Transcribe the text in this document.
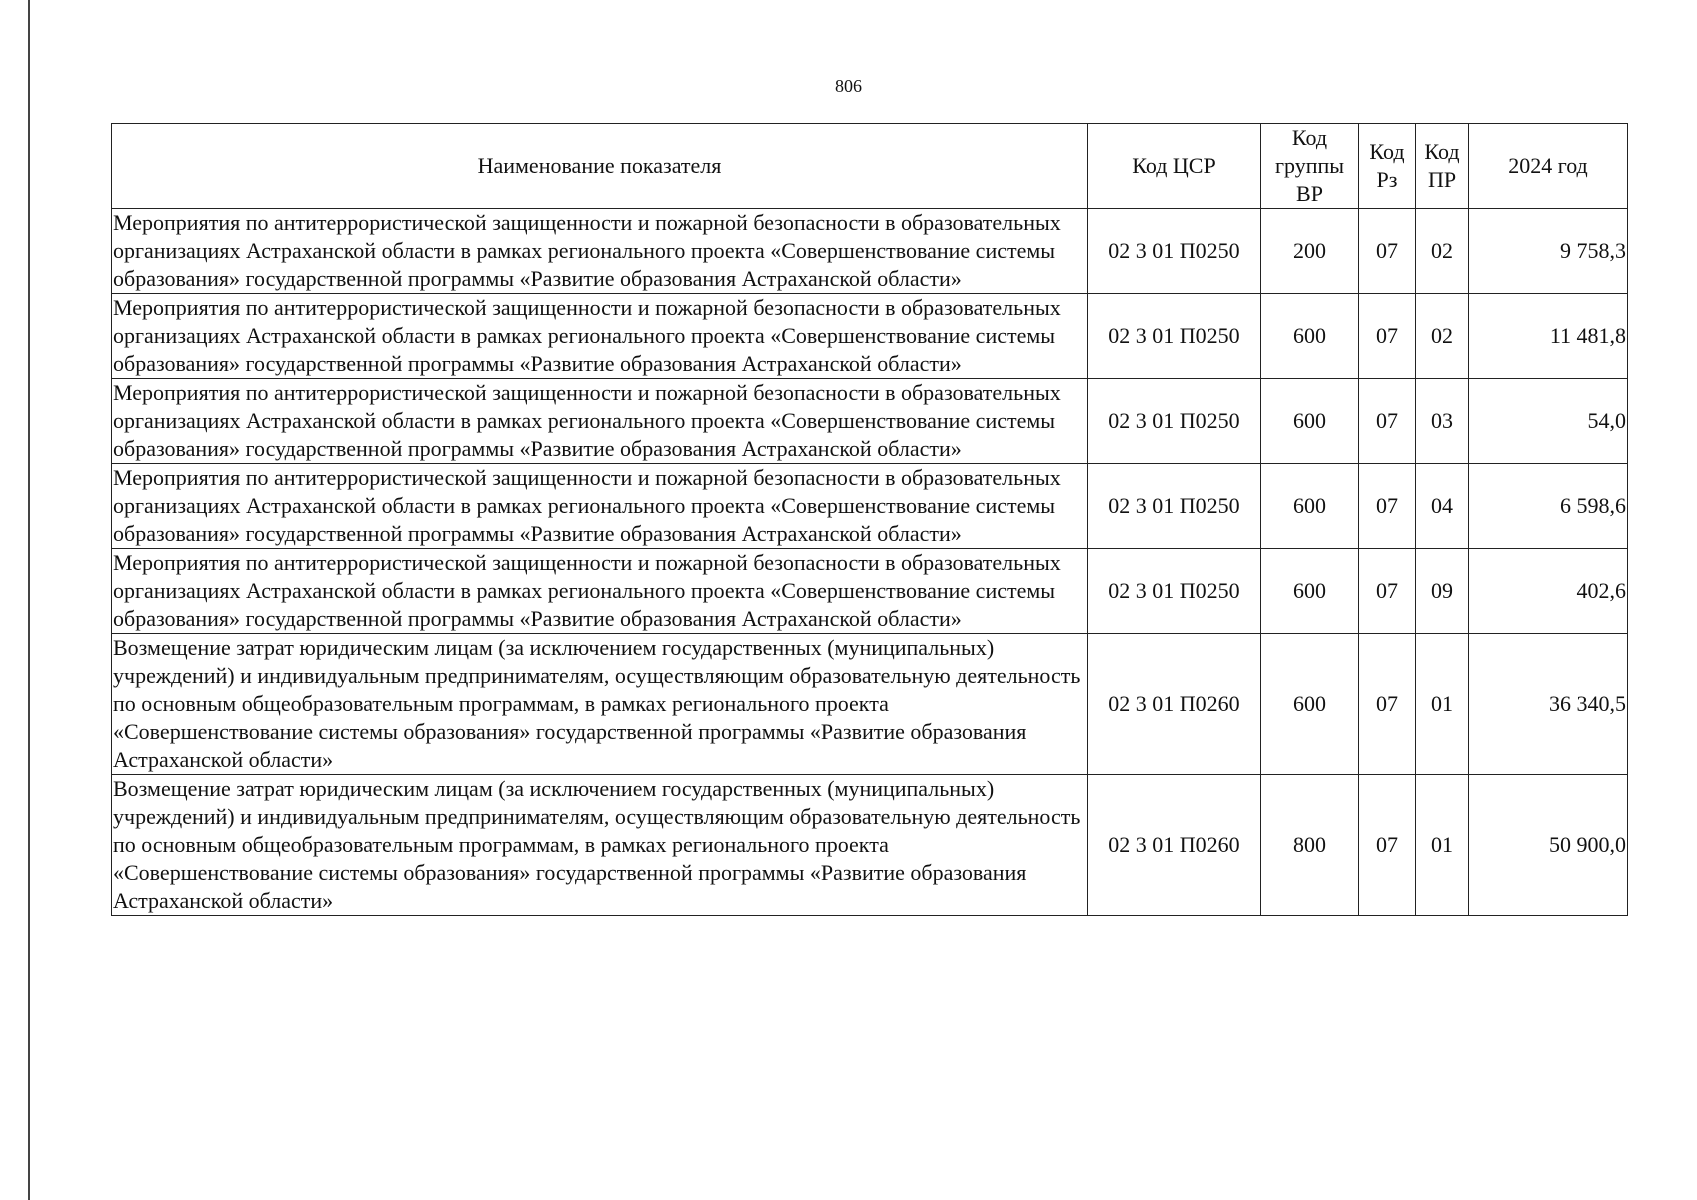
806
Наименование показателя	Код ЦСР	Код группы ВР	Код Рз	Код ПР	2024 год
Мероприятия по антитеррористической защищенности и пожарной безопасности в образовательных организациях Астраханской области в рамках регионального проекта «Совершенствование системы образования» государственной программы «Развитие образования Астраханской области»	02 3 01 П0250	200	07	02	9 758,3
Мероприятия по антитеррористической защищенности и пожарной безопасности в образовательных организациях Астраханской области в рамках регионального проекта «Совершенствование системы образования» государственной программы «Развитие образования Астраханской области»	02 3 01 П0250	600	07	02	11 481,8
Мероприятия по антитеррористической защищенности и пожарной безопасности в образовательных организациях Астраханской области в рамках регионального проекта «Совершенствование системы образования» государственной программы «Развитие образования Астраханской области»	02 3 01 П0250	600	07	03	54,0
Мероприятия по антитеррористической защищенности и пожарной безопасности в образовательных организациях Астраханской области в рамках регионального проекта «Совершенствование системы образования» государственной программы «Развитие образования Астраханской области»	02 3 01 П0250	600	07	04	6 598,6
Мероприятия по антитеррористической защищенности и пожарной безопасности в образовательных организациях Астраханской области в рамках регионального проекта «Совершенствование системы образования» государственной программы «Развитие образования Астраханской области»	02 3 01 П0250	600	07	09	402,6
Возмещение затрат юридическим лицам (за исключением государственных (муниципальных) учреждений) и индивидуальным предпринимателям, осуществляющим образовательную деятельность по основным общеобразовательным программам, в рамках регионального проекта «Совершенствование системы образования» государственной программы «Развитие образования Астраханской области»	02 3 01 П0260	600	07	01	36 340,5
Возмещение затрат юридическим лицам (за исключением государственных (муниципальных) учреждений) и индивидуальным предпринимателям, осуществляющим образовательную деятельность по основным общеобразовательным программам, в рамках регионального проекта «Совершенствование системы образования» государственной программы «Развитие образования Астраханской области»	02 3 01 П0260	800	07	01	50 900,0
